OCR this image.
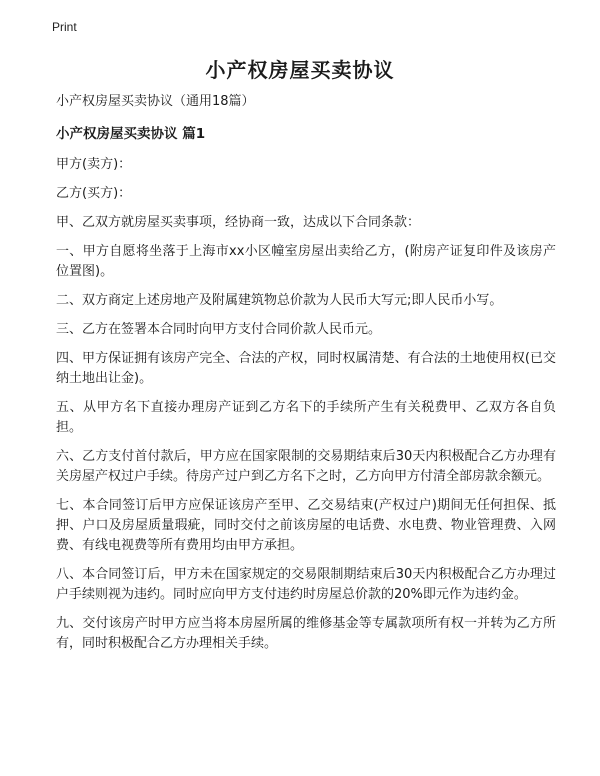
Print
小产权房屋买卖协议

小产权房屋买卖协议（通用18篇）

小产权房屋买卖协议 篇1

甲方(卖方)：

乙方(买方)：

甲、乙双方就房屋买卖事项，经协商一致，达成以下合同条款：

一、甲方自愿将坐落于上海市xx小区幢室房屋出卖给乙方，(附房产证复印件及该房产位置图)。

二、双方商定上述房地产及附属建筑物总价款为人民币大写元;即人民币小写。

三、乙方在签署本合同时向甲方支付合同价款人民币元。

四、甲方保证拥有该房产完全、合法的产权，同时权属清楚、有合法的土地使用权(已交纳土地出让金)。

五、从甲方名下直接办理房产证到乙方名下的手续所产生有关税费甲、乙双方各自负担。

六、乙方支付首付款后，甲方应在国家限制的交易期结束后30天内积极配合乙方办理有关房屋产权过户手续。待房产过户到乙方名下之时，乙方向甲方付清全部房款余额元。

七、本合同签订后甲方应保证该房产至甲、乙交易结束(产权过户)期间无任何担保、抵押、户口及房屋质量瑕疵，同时交付之前该房屋的电话费、水电费、物业管理费、入网费、有线电视费等所有费用均由甲方承担。

八、本合同签订后，甲方未在国家规定的交易限制期结束后30天内积极配合乙方办理过户手续则视为违约。同时应向甲方支付违约时房屋总价款的20%即元作为违约金。

九、交付该房产时甲方应当将本房屋所属的维修基金等专属款项所有权一并转为乙方所有，同时积极配合乙方办理相关手续。
